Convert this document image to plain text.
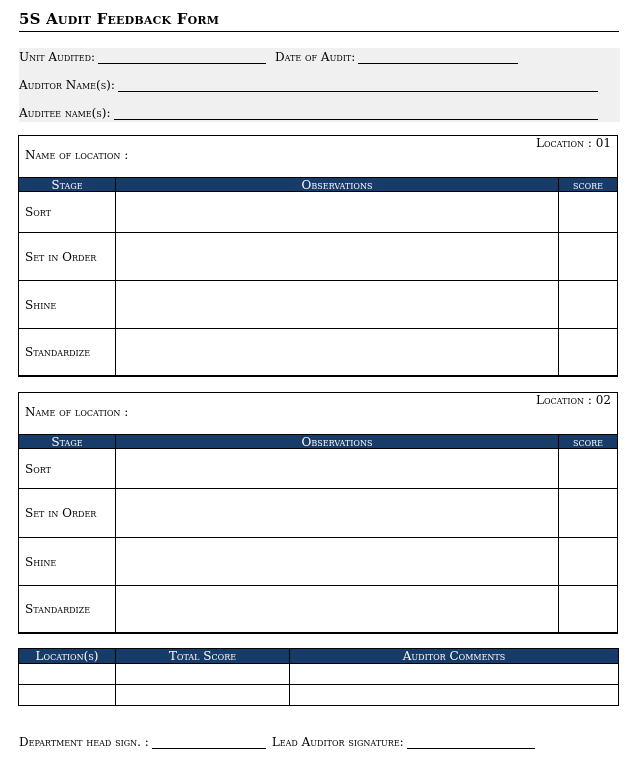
5S Audit Feedback Form
Unit Audited:	Date of Audit:
Auditor Name(s):
Auditee name(s):
Location : 01
Name of location :
Stage	Observations	score
Sort		
Set in Order		
Shine		
Standardize		
Location : 02
Name of location :
Stage	Observations	score
Sort		
Set in Order		
Shine		
Standardize		
Location(s)	Total Score	Auditor Comments

Department head sign. :	Lead Auditor signature:
